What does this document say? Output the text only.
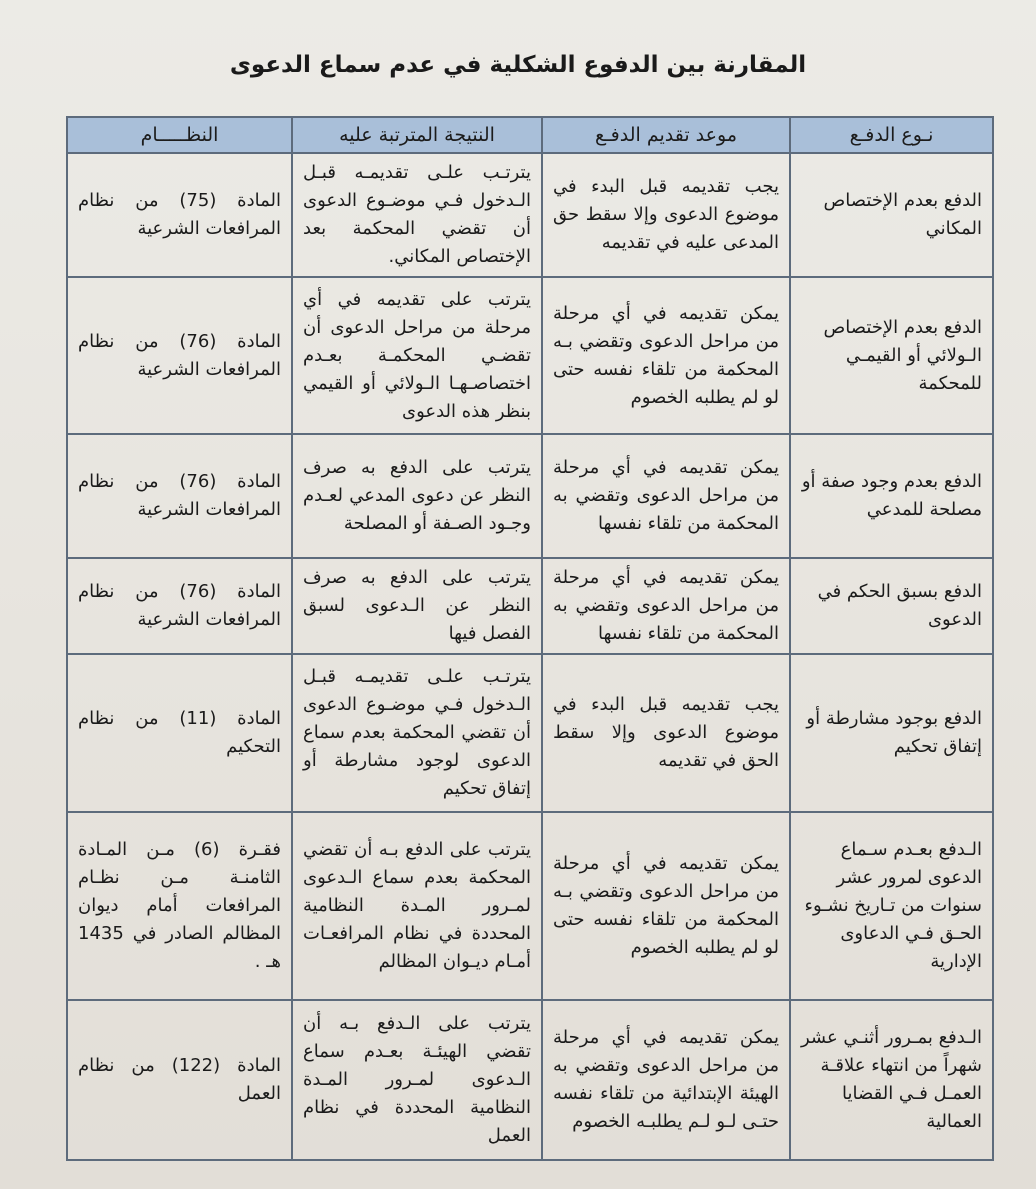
المقارنة بين الدفوع الشكلية في عدم سماع الدعوى
نـوع الدفـع	موعد تقديم الدفـع	النتيجة المترتبة عليه	النظـــــام
الدفع بعدم الإختصاص المكاني	يجب تقديمه قبل البدء في موضوع الدعوى وإلا سقط حق المدعى عليه في تقديمه	يترتـب علـى تقديمـه قبـل الـدخول فـي موضـوع الدعوى أن تقضي المحكمة بعد الإختصاص المكاني.	المادة (75) من نظام المرافعات الشرعية
الدفع بعدم الإختصاص الـولائي أو القيمـي للمحكمة	يمكن تقديمه في أي مرحلة من مراحل الدعوى وتقضي بـه المحكمة من تلقاء نفسه حتى لو لم يطلبه الخصوم	يترتب على تقديمه في أي مرحلة من مراحل الدعوى أن تقضـي المحكمـة بعـدم اختصاصـهـا الـولائي أو القيمي بنظر هذه الدعوى	المادة (76) من نظام المرافعات الشرعية
الدفع بعدم وجود صفة أو مصلحة للمدعي	يمكن تقديمه في أي مرحلة من مراحل الدعوى وتقضي به المحكمة من تلقاء نفسها	يترتب على الدفع به صرف النظر عن دعوى المدعي لعـدم وجـود الصـفة أو المصلحة	المادة (76) من نظام المرافعات الشرعية
الدفع بسبق الحكم في الدعوى	يمكن تقديمه في أي مرحلة من مراحل الدعوى وتقضي به المحكمة من تلقاء نفسها	يترتب على الدفع به صرف النظر عن الـدعوى لسبق الفصل فيها	المادة (76) من نظام المرافعات الشرعية
الدفع بوجود مشارطة أو إتفاق تحكيم	يجب تقديمه قبل البدء في موضوع الدعوى وإلا سقط الحق في تقديمه	يترتـب علـى تقديمـه قبـل الـدخول فـي موضـوع الدعوى أن تقضي المحكمة بعدم سماع الدعوى لوجود مشارطة أو إتفاق تحكيم	المادة (11) من نظام التحكيم
الـدفع بعـدم سـماع الدعوى لمرور عشر سنوات من تـاريخ نشـوء الحـق فـي الدعاوى الإدارية	يمكن تقديمه في أي مرحلة من مراحل الدعوى وتقضي بـه المحكمة من تلقاء نفسه حتى لو لم يطلبه الخصوم	يترتب على الدفع بـه أن تقضي المحكمة بعدم سماع الـدعوى لمـرور المـدة النظامية المحددة في نظام المرافعـات أمـام ديـوان المظالم	فقـرة (6) مـن المـادة الثامنـة مـن نظـام المرافعات أمام ديوان المظالم الصادر في 1435 هـ .
الـدفع بمـرور أثنـي عشر شهراً من انتهاء علاقـة العمـل فـي القضايا العمالية	يمكن تقديمه في أي مرحلة من مراحل الدعوى وتقضي به الهيئة الإبتدائية من تلقاء نفسه حتـى لـو لـم يطلبـه الخصوم	يترتب على الـدفع بـه أن تقضي الهيئـة بعـدم سماع الـدعوى لمـرور المـدة النظامية المحددة في نظام العمل	المادة (122) من نظام العمل
